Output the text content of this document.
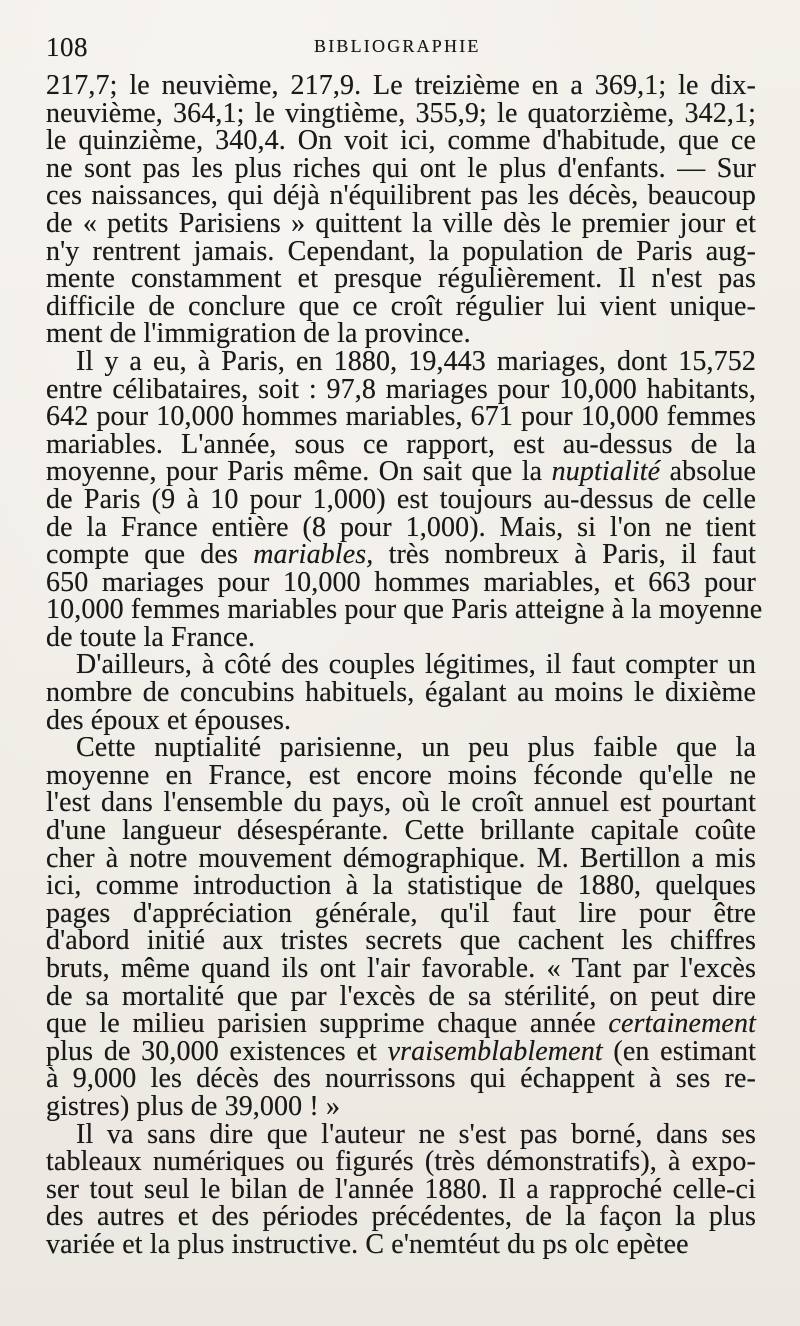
108	BIBLIOGRAPHIE
217,7; le neuvième, 217,9. Le treizième en a 369,1; le dix-
neuvième, 364,1; le vingtième, 355,9; le quatorzième, 342,1;
le quinzième, 340,4. On voit ici, comme d'habitude, que ce
ne sont pas les plus riches qui ont le plus d'enfants. — Sur
ces naissances, qui déjà n'équilibrent pas les décès, beaucoup
de « petits Parisiens » quittent la ville dès le premier jour et
n'y rentrent jamais. Cependant, la population de Paris aug-
mente constamment et presque régulièrement. Il n'est pas
difficile de conclure que ce croît régulier lui vient unique-
ment de l'immigration de la province.
Il y a eu, à Paris, en 1880, 19,443 mariages, dont 15,752
entre célibataires, soit : 97,8 mariages pour 10,000 habitants,
642 pour 10,000 hommes mariables, 671 pour 10,000 femmes
mariables. L'année, sous ce rapport, est au-dessus de la
moyenne, pour Paris même. On sait que la nuptialité absolue
de Paris (9 à 10 pour 1,000) est toujours au-dessus de celle
de la France entière (8 pour 1,000). Mais, si l'on ne tient
compte que des mariables, très nombreux à Paris, il faut
650 mariages pour 10,000 hommes mariables, et 663 pour
10,000 femmes mariables pour que Paris atteigne à la moyenne
de toute la France.
D'ailleurs, à côté des couples légitimes, il faut compter un
nombre de concubins habituels, égalant au moins le dixième
des époux et épouses.
Cette nuptialité parisienne, un peu plus faible que la
moyenne en France, est encore moins féconde qu'elle ne
l'est dans l'ensemble du pays, où le croît annuel est pourtant
d'une langueur désespérante. Cette brillante capitale coûte
cher à notre mouvement démographique. M. Bertillon a mis
ici, comme introduction à la statistique de 1880, quelques
pages d'appréciation générale, qu'il faut lire pour être
d'abord initié aux tristes secrets que cachent les chiffres
bruts, même quand ils ont l'air favorable. « Tant par l'excès
de sa mortalité que par l'excès de sa stérilité, on peut dire
que le milieu parisien supprime chaque année certainement
plus de 30,000 existences et vraisemblablement (en estimant
à 9,000 les décès des nourrissons qui échappent à ses re-
gistres) plus de 39,000 ! »
Il va sans dire que l'auteur ne s'est pas borné, dans ses
tableaux numériques ou figurés (très démonstratifs), à expo-
ser tout seul le bilan de l'année 1880. Il a rapproché celle-ci
des autres et des périodes précédentes, de la façon la plus
variée et la plus instructive. C e'nemtéut du ps olc epètee
